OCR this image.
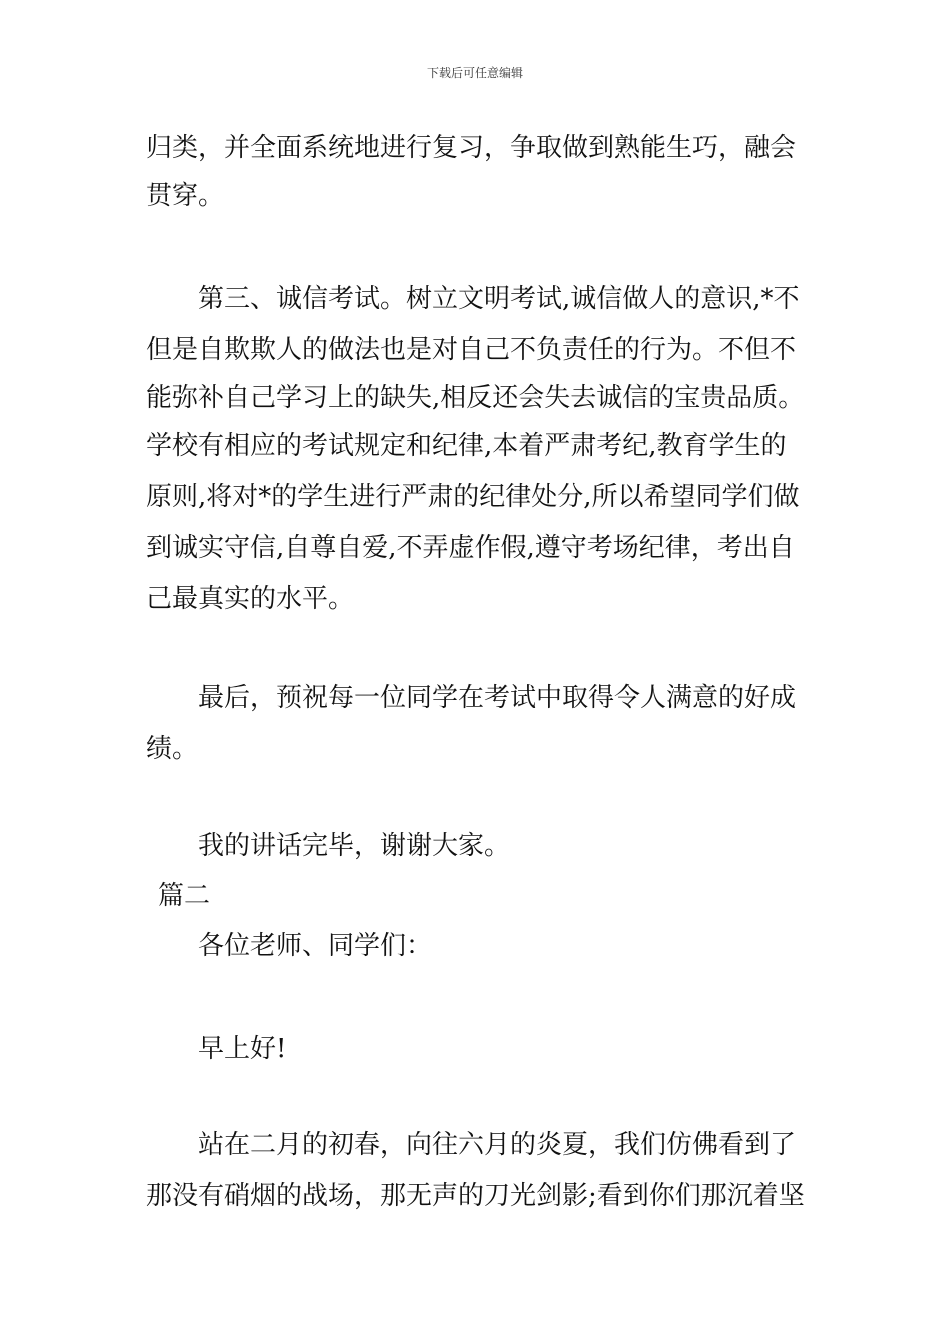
下载后可任意编辑
归类，并全面系统地进行复习，争取做到熟能生巧，融会
贯穿。
第三、诚信考试。树立文明考试,诚信做人的意识,*不
但是自欺欺人的做法也是对自己不负责任的行为。不但不
能弥补自己学习上的缺失,相反还会失去诚信的宝贵品质。
学校有相应的考试规定和纪律,本着严肃考纪,教育学生的
原则,将对*的学生进行严肃的纪律处分,所以希望同学们做
到诚实守信,自尊自爱,不弄虚作假,遵守考场纪律，考出自
己最真实的水平。
最后，预祝每一位同学在考试中取得令人满意的好成
绩。
我的讲话完毕，谢谢大家。
篇二
各位老师、同学们：
早上好!
站在二月的初春，向往六月的炎夏，我们仿佛看到了
那没有硝烟的战场，那无声的刀光剑影;看到你们那沉着坚
